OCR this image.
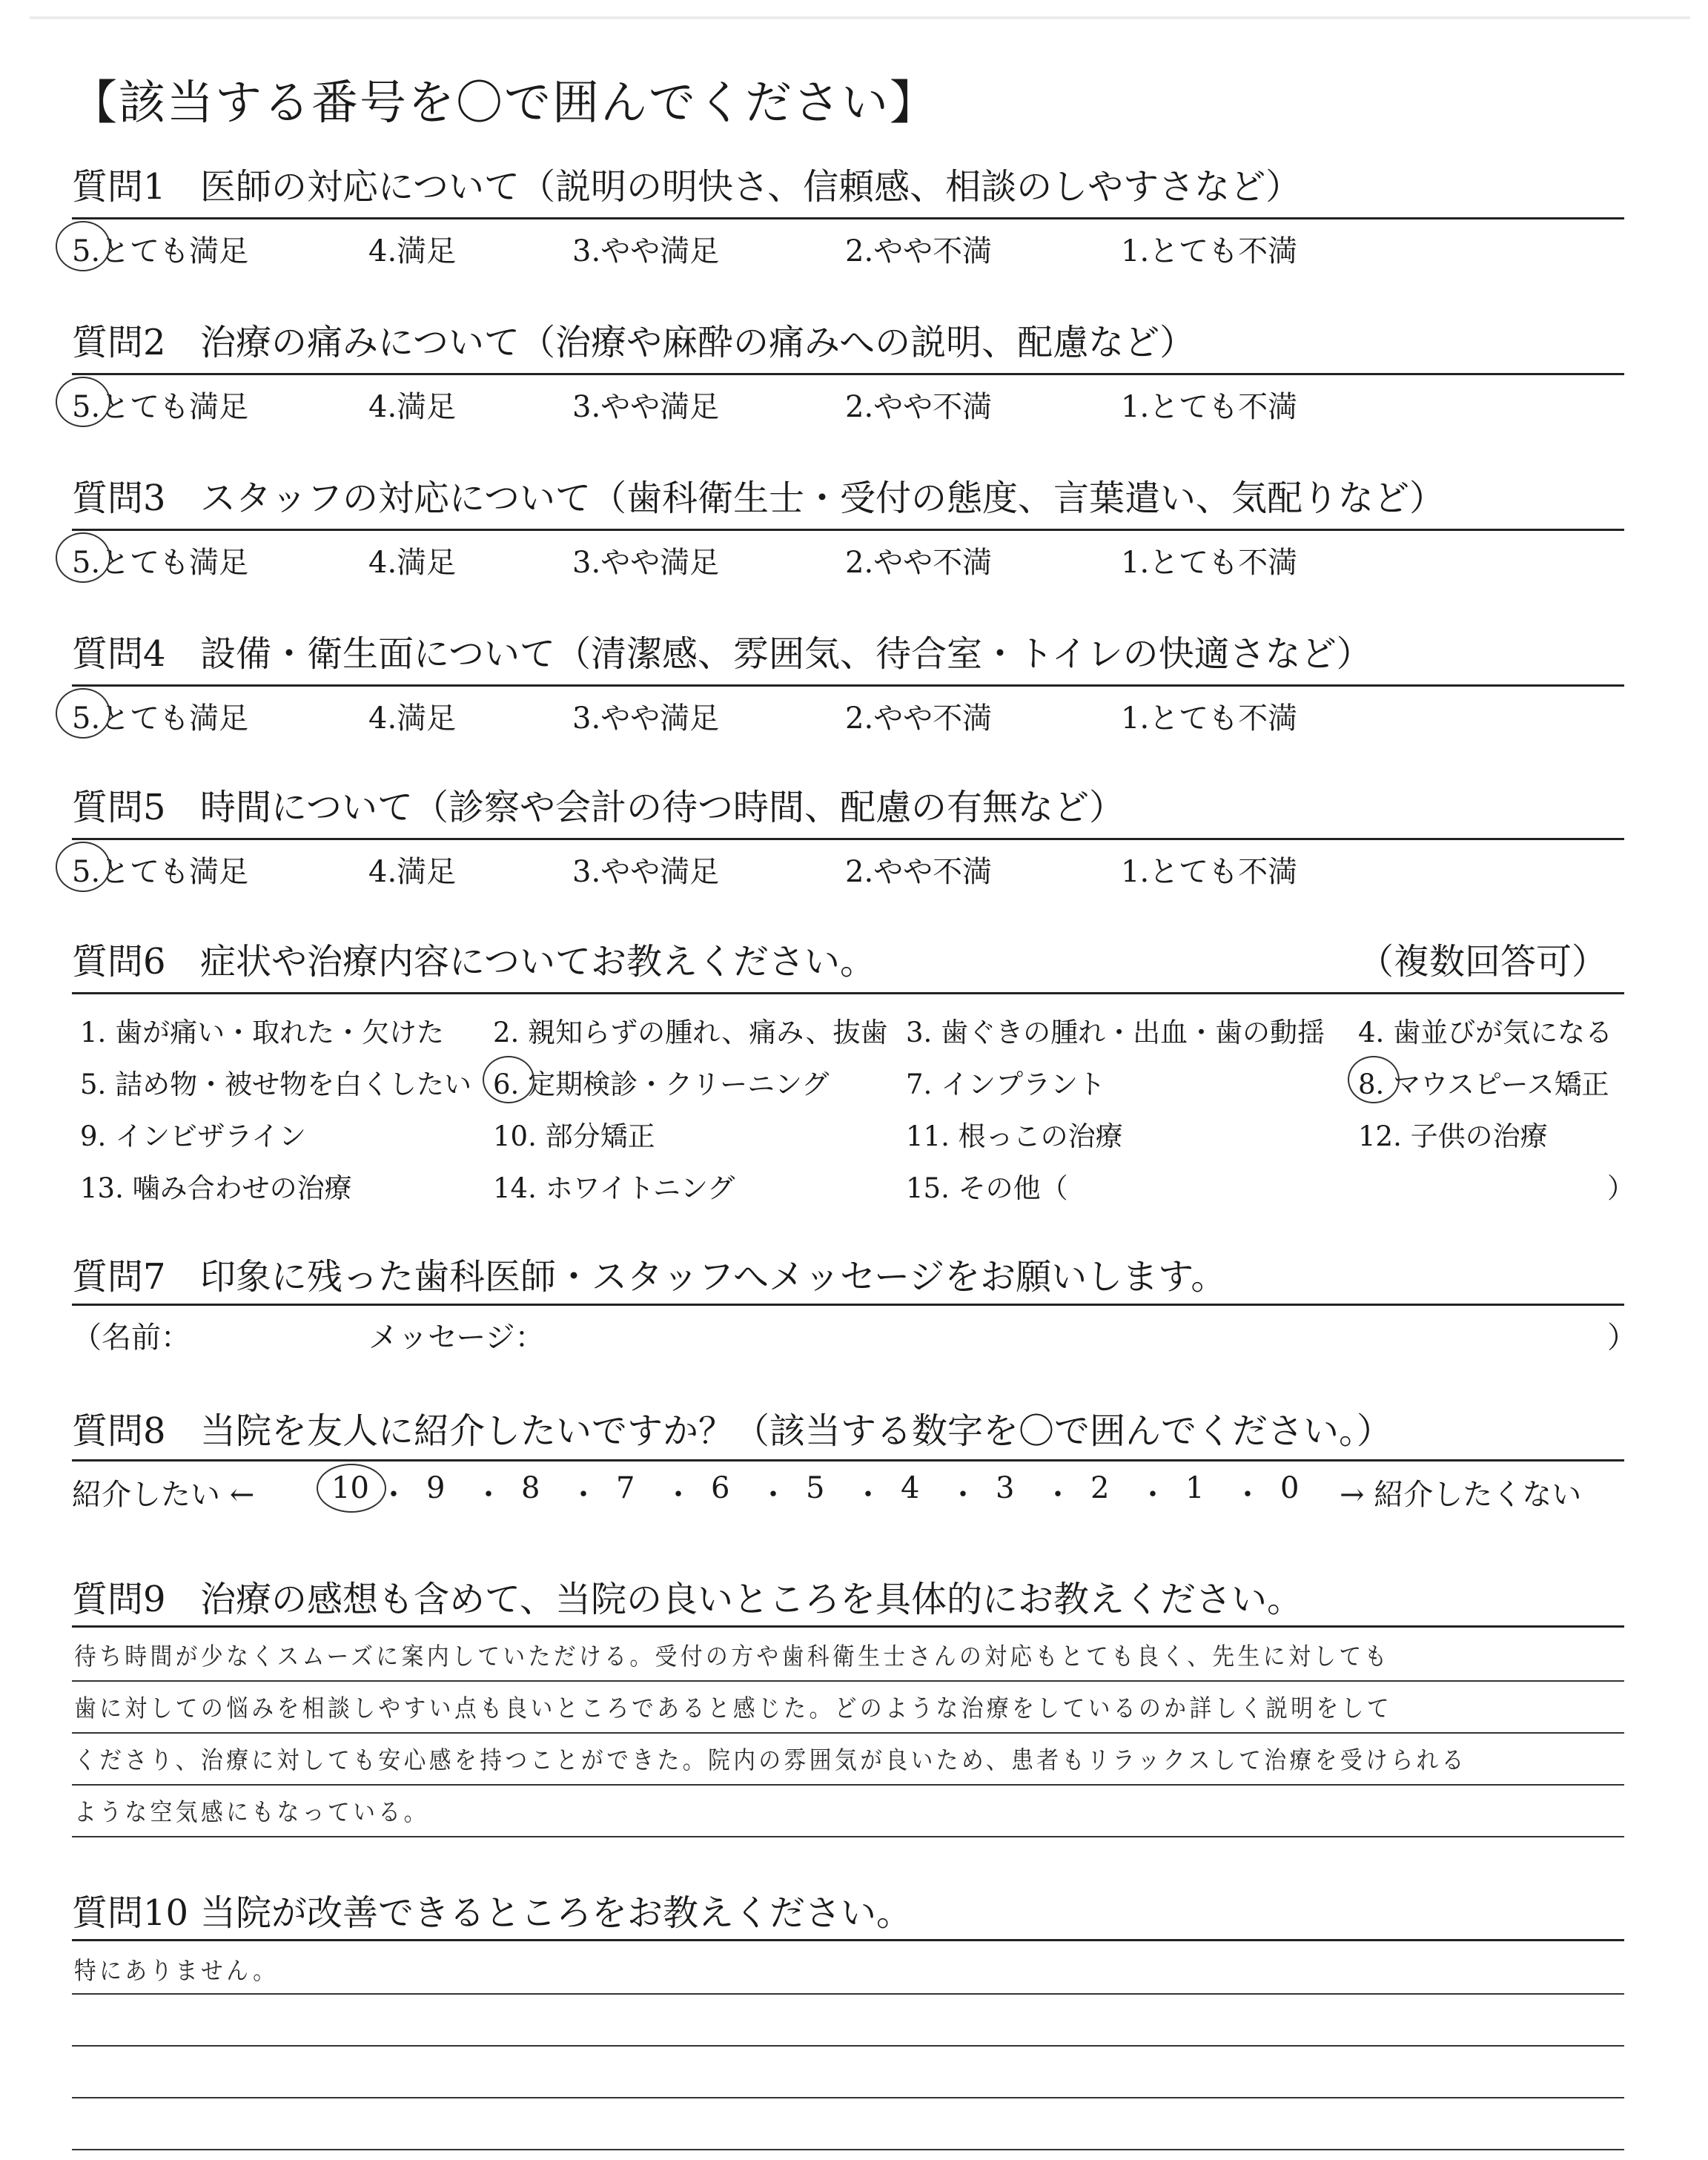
【該当する番号を〇で囲んでください】
質問1 医師の対応について（説明の明快さ、信頼感、相談のしやすさなど）
5.とても満足	4.満足	3.やや満足	2.やや不満	1.とても不満
質問2 治療の痛みについて（治療や麻酔の痛みへの説明、配慮など）
5.とても満足	4.満足	3.やや満足	2.やや不満	1.とても不満
質問3 スタッフの対応について（歯科衛生士・受付の態度、言葉遣い、気配りなど）
5.とても満足	4.満足	3.やや満足	2.やや不満	1.とても不満
質問4 設備・衛生面について（清潔感、雰囲気、待合室・トイレの快適さなど）
5.とても満足	4.満足	3.やや満足	2.やや不満	1.とても不満
質問5 時間について（診察や会計の待つ時間、配慮の有無など）
5.とても満足	4.満足	3.やや満足	2.やや不満	1.とても不満
質問6 症状や治療内容についてお教えください。	（複数回答可）
1. 歯が痛い・取れた・欠けた 2. 親知らずの腫れ、痛み、抜歯 3. 歯ぐきの腫れ・出血・歯の動揺 4. 歯並びが気になる
5. 詰め物・被せ物を白くしたい 6. 定期検診・クリーニング	7. インプラント	8. マウスピース矯正
9. インビザライン	10. 部分矯正	11. 根っこの治療	12. 子供の治療
13. 噛み合わせの治療	14. ホワイトニング	15. その他（	）
質問7 印象に残った歯科医師・スタッフへメッセージをお願いします。
（名前：	メッセージ：	）
質問8 当院を友人に紹介したいですか？（該当する数字を〇で囲んでください。）
紹介したい ←	10 ・ 9 ・ 8 ・ 7 ・ 6 ・ 5 ・ 4 ・ 3 ・ 2 ・ 1 ・ 0 → 紹介したくない
質問9 治療の感想も含めて、当院の良いところを具体的にお教えください。
待ち時間が少なくスムーズに案内していただける。受付の方や歯科衛生士さんの対応もとても良く、先生に対しても
歯に対しての悩みを相談しやすい点も良いところであると感じた。どのような治療をしているのか詳しく説明をして
くださり、治療に対しても安心感を持つことができた。院内の雰囲気が良いため、患者もリラックスして治療を受けられる
ような空気感にもなっている。
質問10 当院が改善できるところをお教えください。
特にありません。
